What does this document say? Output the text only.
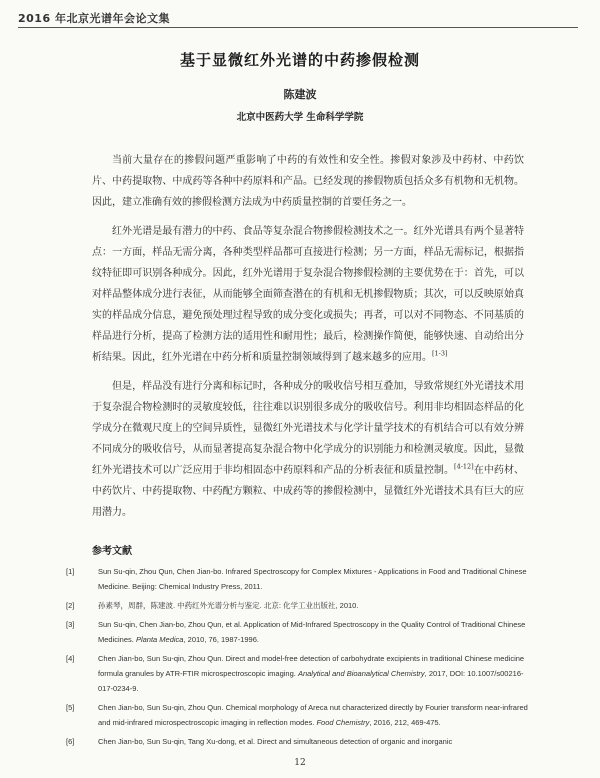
2016 年北京光谱年会论文集
基于显微红外光谱的中药掺假检测
陈建波
北京中医药大学 生命科学学院

当前大量存在的掺假问题严重影响了中药的有效性和安全性。掺假对象涉及中药材、中药饮片、中药提取物、中成药等各种中药原料和产品。已经发现的掺假物质包括众多有机物和无机物。因此，建立准确有效的掺假检测方法成为中药质量控制的首要任务之一。

红外光谱是最有潜力的中药、食品等复杂混合物掺假检测技术之一。红外光谱具有两个显著特点：一方面，样品无需分离，各种类型样品都可直接进行检测；另一方面，样品无需标记，根据指纹特征即可识别各种成分。因此，红外光谱用于复杂混合物掺假检测的主要优势在于：首先，可以对样品整体成分进行表征，从而能够全面筛查潜在的有机和无机掺假物质；其次，可以反映原始真实的样品成分信息，避免预处理过程导致的成分变化或损失；再者，可以对不同物态、不同基质的样品进行分析，提高了检测方法的适用性和耐用性；最后，检测操作简便，能够快速、自动给出分析结果。因此，红外光谱在中药分析和质量控制领域得到了越来越多的应用。[1-3]

但是，样品没有进行分离和标记时，各种成分的吸收信号相互叠加，导致常规红外光谱技术用于复杂混合物检测时的灵敏度较低，往往难以识别很多成分的吸收信号。利用非均相固态样品的化学成分在微观尺度上的空间异质性，显微红外光谱技术与化学计量学技术的有机结合可以有效分辨不同成分的吸收信号，从而显著提高复杂混合物中化学成分的识别能力和检测灵敏度。因此，显微红外光谱技术可以广泛应用于非均相固态中药原料和产品的分析表征和质量控制。[4-12]在中药材、中药饮片、中药提取物、中药配方颗粒、中成药等的掺假检测中，显微红外光谱技术具有巨大的应用潜力。

参考文献
[1]	Sun Su-qin, Zhou Qun, Chen Jian-bo. Infrared Spectroscopy for Complex Mixtures - Applications in Food and Traditional Chinese Medicine. Beijing: Chemical Industry Press, 2011.
[2]	孙素琴，周群，陈建波. 中药红外光谱分析与鉴定. 北京: 化学工业出版社, 2010.
[3]	Sun Su-qin, Chen Jian-bo, Zhou Qun, et al. Application of Mid-Infrared Spectroscopy in the Quality Control of Traditional Chinese Medicines. Planta Medica, 2010, 76, 1987-1996.
[4]	Chen Jian-bo, Sun Su-qin, Zhou Qun. Direct and model-free detection of carbohydrate excipients in traditional Chinese medicine formula granules by ATR-FTIR microspectroscopic imaging. Analytical and Bioanalytical Chemistry, 2017, DOI: 10.1007/s00216-017-0234-9.
[5]	Chen Jian-bo, Sun Su-qin, Zhou Qun. Chemical morphology of Areca nut characterized directly by Fourier transform near-infrared and mid-infrared microspectroscopic imaging in reflection modes. Food Chemistry, 2016, 212, 469-475.
[6]	Chen Jian-bo, Sun Su-qin, Tang Xu-dong, et al. Direct and simultaneous detection of organic and inorganic
12
